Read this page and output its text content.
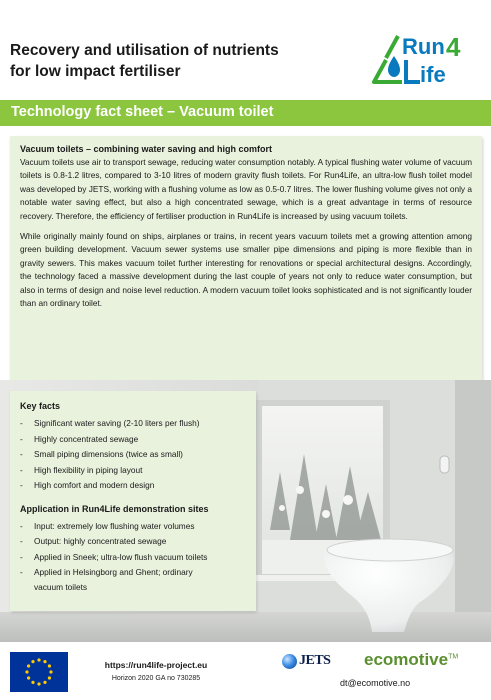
Recovery and utilisation of nutrients
for low impact fertiliser
Run 4
ife
Technology fact sheet – Vacuum toilet
Vacuum toilets – combining water saving and high comfort

Vacuum toilets use air to transport sewage, reducing water consumption notably. A typical flushing water volume of vacuum toilets is 0.8-1.2 litres, compared to 3-10 litres of modern gravity flush toilets. For Run4Life, an ultra-low flush toilet model was developed by JETS, working with a flushing volume as low as 0.5-0.7 litres. The lower flushing volume gives not only a notable water saving effect, but also a high concentrated sewage, which is a great advantage in terms of resource recovery. Therefore, the efficiency of fertiliser production in Run4Life is increased by using vacuum toilets.

While originally mainly found on ships, airplanes or trains, in recent years vacuum toilets met a growing attention among green building development. Vacuum sewer systems use smaller pipe dimensions and piping is more flexible than in gravity sewers. This makes vacuum toilet further interesting for renovations or special architectural designs. Accordingly, the technology faced a massive development during the last couple of years not only to reduce water consumption, but also in terms of design and noise level reduction. A modern vacuum toilet looks sophisticated and is not significantly louder than an ordinary toilet.

Key facts
- Significant water saving (2-10 liters per flush)
- Highly concentrated sewage
- Small piping dimensions (twice as small)
- High flexibility in piping layout
- High comfort and modern design
Application in Run4Life demonstration sites
- Input: extremely low flushing water volumes
- Output: highly concentrated sewage
- Applied in Sneek; ultra-low flush vacuum toilets
- Applied in Helsingborg and Ghent; ordinary
vacuum toilets
https://run4life-project.eu
Horizon 2020 GA no 730285
JETS ecomotive™
dt@ecomotive.no
